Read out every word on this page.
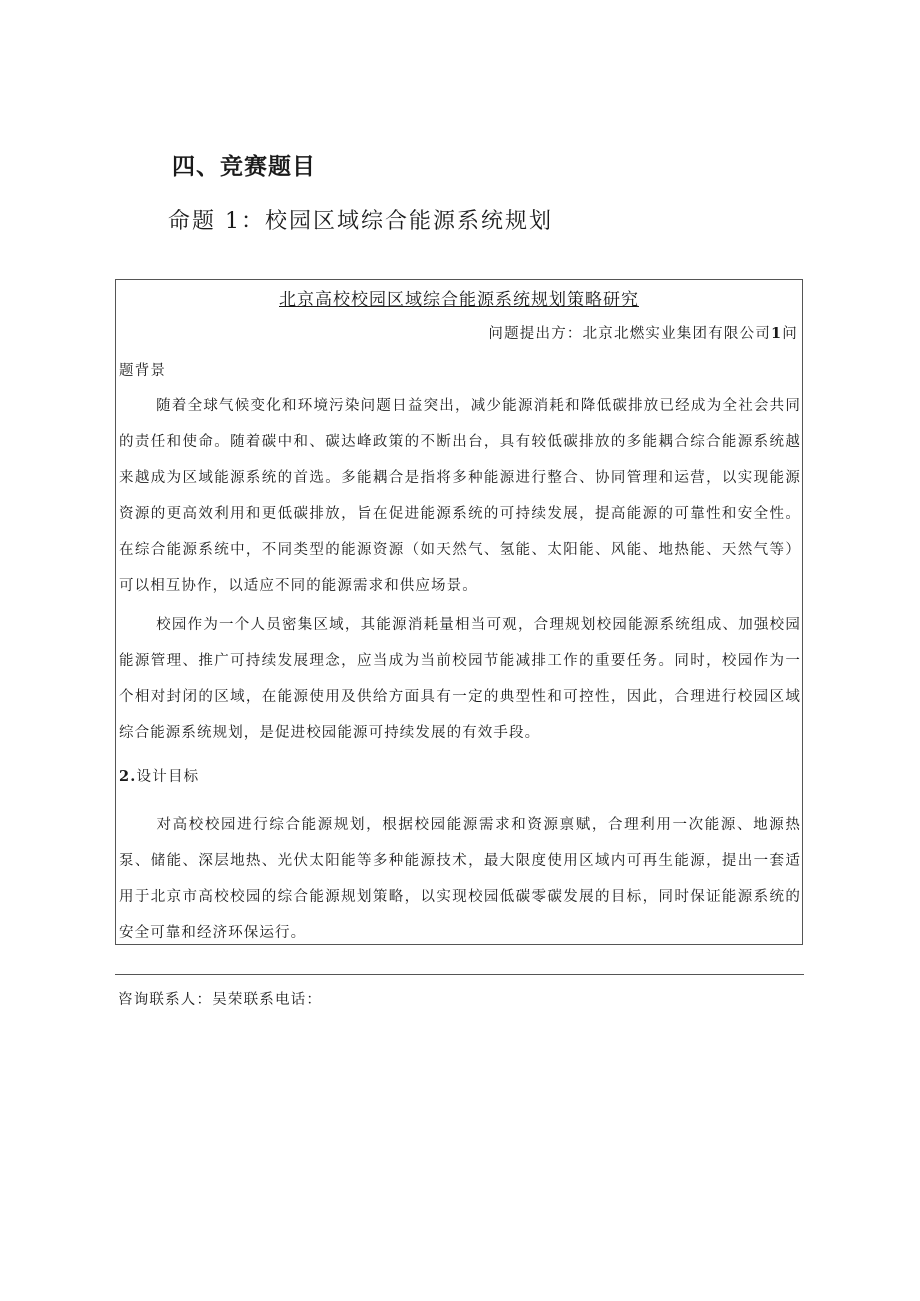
四、竞赛题目
命题 1：校园区域综合能源系统规划
北京高校校园区域综合能源系统规划策略研究
问题提出方：北京北燃实业集团有限公司1问
题背景

随着全球气候变化和环境污染问题日益突出，减少能源消耗和降低碳排放已经成为全社会共同的责任和使命。随着碳中和、碳达峰政策的不断出台，具有较低碳排放的多能耦合综合能源系统越来越成为区域能源系统的首选。多能耦合是指将多种能源进行整合、协同管理和运营，以实现能源资源的更高效利用和更低碳排放，旨在促进能源系统的可持续发展，提高能源的可靠性和安全性。在综合能源系统中，不同类型的能源资源（如天然气、氢能、太阳能、风能、地热能、天然气等）可以相互协作，以适应不同的能源需求和供应场景。

校园作为一个人员密集区域，其能源消耗量相当可观，合理规划校园能源系统组成、加强校园能源管理、推广可持续发展理念，应当成为当前校园节能减排工作的重要任务。同时，校园作为一个相对封闭的区域，在能源使用及供给方面具有一定的典型性和可控性，因此，合理进行校园区域综合能源系统规划，是促进校园能源可持续发展的有效手段。

2.设计目标

对高校校园进行综合能源规划，根据校园能源需求和资源禀赋，合理利用一次能源、地源热泵、储能、深层地热、光伏太阳能等多种能源技术，最大限度使用区域内可再生能源，提出一套适用于北京市高校校园的综合能源规划策略，以实现校园低碳零碳发展的目标，同时保证能源系统的安全可靠和经济环保运行。

咨询联系人：吴荣联系电话：
